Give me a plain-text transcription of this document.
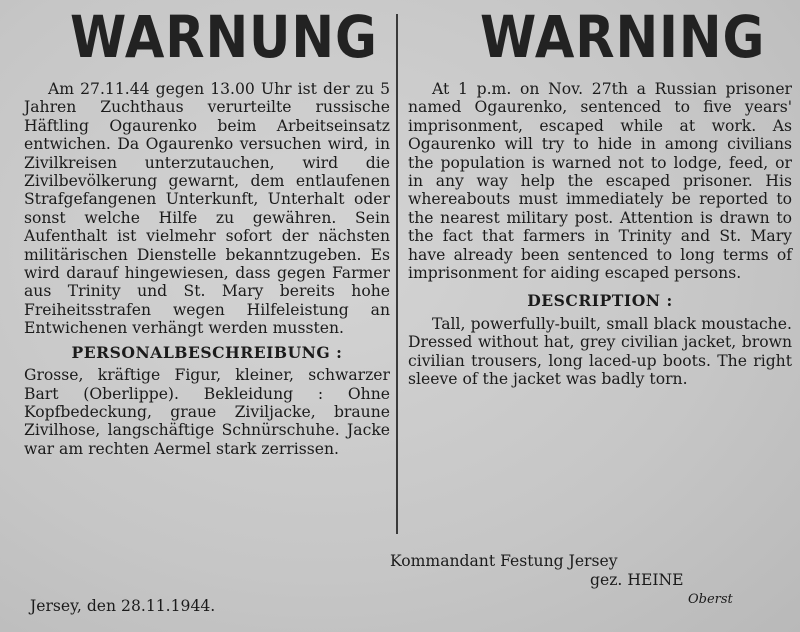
WARNUNG WARNING

Am 27.11.44 gegen 13.00 Uhr ist der zu 5 Jahren Zuchthaus verurteilte russische Häftling Ogaurenko beim Arbeitseinsatz entwichen. Da Ogaurenko versuchen wird, in Zivilkreisen unterzutauchen, wird die Zivilbevölkerung gewarnt, dem entlaufenen Strafgefangenen Unterkunft, Unterhalt oder sonst welche Hilfe zu gewähren. Sein Aufenthalt ist vielmehr sofort der nächsten militärischen Dienstelle bekanntzugeben. Es wird darauf hingewiesen, dass gegen Farmer aus Trinity und St. Mary bereits hohe Freiheitsstrafen wegen Hilfeleistung an Entwichenen verhängt werden mussten.

PERSONALBESCHREIBUNG :

Grosse, kräftige Figur, kleiner, schwarzer Bart (Oberlippe). Bekleidung : Ohne Kopfbedeckung, graue Ziviljacke, braune Zivilhose, langschäftige Schnürschuhe. Jacke war am rechten Aermel stark zerrissen.

At 1 p.m. on Nov. 27th a Russian prisoner named Ogaurenko, sentenced to five years' imprisonment, escaped while at work. As Ogaurenko will try to hide in among civilians the population is warned not to lodge, feed, or in any way help the escaped prisoner. His whereabouts must immediately be reported to the nearest military post. Attention is drawn to the fact that farmers in Trinity and St. Mary have already been sentenced to long terms of imprisonment for aiding escaped persons.

DESCRIPTION :

Tall, powerfully-built, small black moustache. Dressed without hat, grey civilian jacket, brown civilian trousers, long laced-up boots. The right sleeve of the jacket was badly torn.

Kommandant Festung Jersey
gez. HEINE
Oberst
Jersey, den 28.11.1944.
